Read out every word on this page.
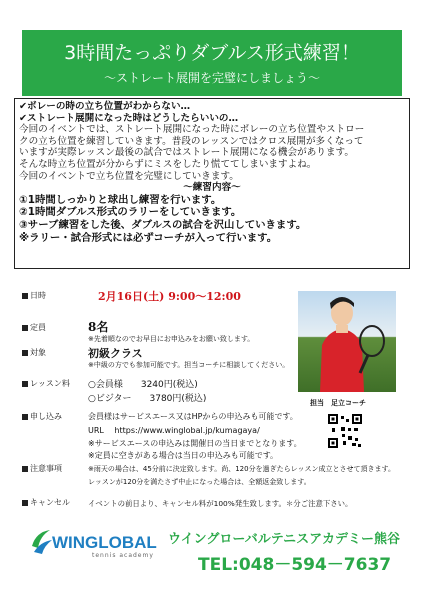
3時間たっぷりダブルス形式練習！
〜ストレート展開を完璧にしましょう〜

✔ボレーの時の立ち位置がわからない…

✔ストレート展開になった時はどうしたらいいの…

今回のイベントでは、ストレート展開になった時にボレーの立ち位置やストロー

クの立ち位置を練習していきます。普段のレッスンではクロス展開が多くなって

いますが実際レッスン最後の試合ではストレート展開になる機会があります。

そんな時立ち位置が分からずにミスをしたり慌ててしまいますよね。

今回のイベントで立ち位置を完璧にしていきます。

〜練習内容〜

①1時間しっかりと球出し練習を行います。

②1時間ダブルス形式のラリーをしていきます。

③サーブ練習をした後、ダブルスの試合を沢山していきます。

※ラリー・試合形式には必ずコーチが入って行います。

日時	2月16日(土) 9:00〜12:00
定員	8名
※先着順なのでお早目にお申込みをお願い致します。
対象	初級クラス
※中級の方でも参加可能です。担当コーチに相談してください。
レッスン料 ○会員様　　3240円(税込)
○ビジター　　3780円(税込)	担当　足立コーチ
申し込み	会員様はサービスエース又はHPからの申込みも可能です。
URL　 https://www.winglobal.jp/kumagaya/
※サービスエースの申込みは開催日の当日までとなります。
※定員に空きがある場合は当日の申込みも可能です。
注意事項	※雨天の場合は、45分前に決定致します。尚、120分を過ぎたらレッスン成立とさせて頂きます。
レッスンが120分を満たさず中止になった場合は、全額返金致します。
キャンセル イベントの前日より、キャンセル料が100%発生致します。＊分ご注意下さい。
WINGLOBAL
tennis academy
ウイングローバルテニスアカデミー熊谷
TEL:048－594－7637
